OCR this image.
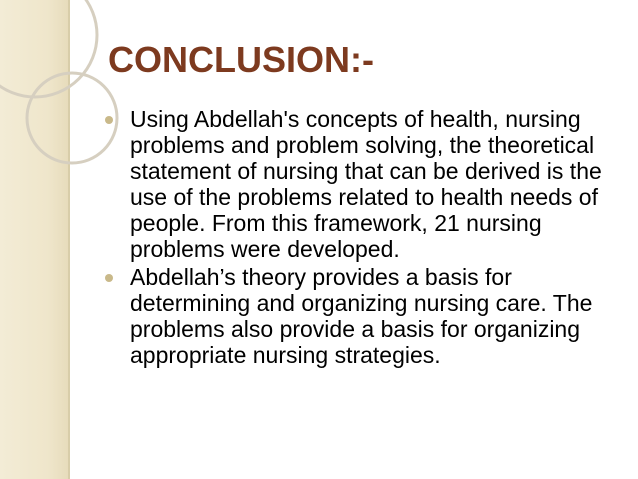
CONCLUSION:-
Using Abdellah's concepts of health, nursing problems and problem solving, the theoretical statement of nursing that can be derived is the use of the problems related to health needs of people. From this framework, 21 nursing problems were developed.
Abdellah’s theory provides a basis for determining and organizing nursing care. The problems also provide a basis for organizing appropriate nursing strategies.
